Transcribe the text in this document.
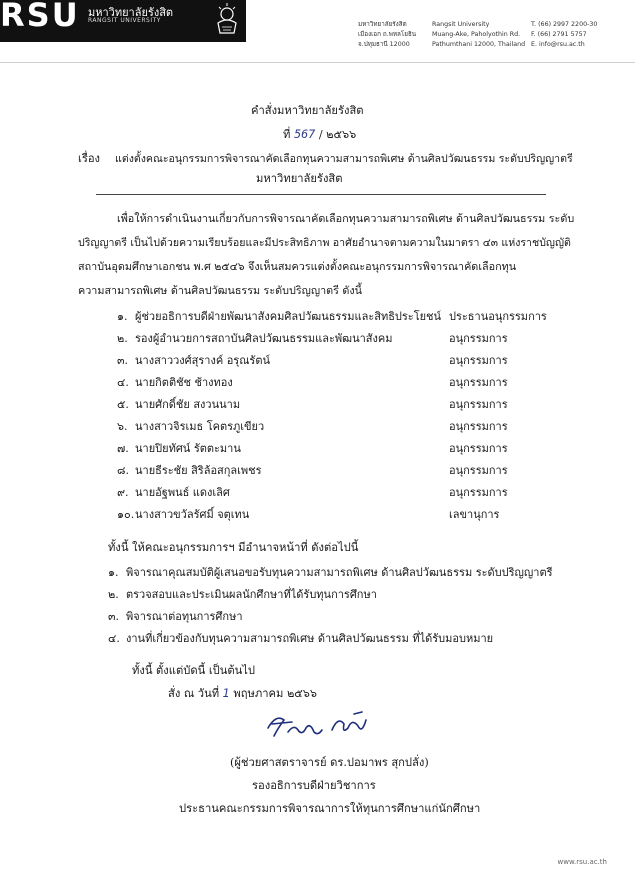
RSU มหาวิทยาลัยรังสิต
RANGSIT UNIVERSITY
มหาวิทยาลัยรังสิต
เมืองเอก ถ.พหลโยธิน
จ.ปทุมธานี 12000
Rangsit University
Muang-Ake, Paholyothin Rd.
Pathumthani 12000, Thailand
T. (66) 2997 2200-30
F. (66) 2791 5757
E. info@rsu.ac.th
คำสั่งมหาวิทยาลัยรังสิต
ที่ 567 / ๒๕๖๖
เรื่อง แต่งตั้งคณะอนุกรรมการพิจารณาคัดเลือกทุนความสามารถพิเศษ ด้านศิลปวัฒนธรรม ระดับปริญญาตรี
มหาวิทยาลัยรังสิต
เพื่อให้การดำเนินงานเกี่ยวกับการพิจารณาคัดเลือกทุนความสามารถพิเศษ ด้านศิลปวัฒนธรรม ระดับ
ปริญญาตรี เป็นไปด้วยความเรียบร้อยและมีประสิทธิภาพ อาศัยอำนาจตามความในมาตรา ๔๓ แห่งราชบัญญัติ
สถาบันอุดมศึกษาเอกชน พ.ศ ๒๕๔๖ จึงเห็นสมควรแต่งตั้งคณะอนุกรรมการพิจารณาคัดเลือกทุน
ความสามารถพิเศษ ด้านศิลปวัฒนธรรม ระดับปริญญาตรี ดังนี้
๑. ผู้ช่วยอธิการบดีฝ่ายพัฒนาสังคมศิลปวัฒนธรรมและสิทธิประโยชน์ ประธานอนุกรรมการ
๒. รองผู้อำนวยการสถาบันศิลปวัฒนธรรมและพัฒนาสังคม	อนุกรรมการ
๓. นางสาววงศ์สุรางค์ อรุณรัตน์	อนุกรรมการ
๔. นายกิตติชัช ช้างทอง	อนุกรรมการ
๕. นายศักดิ์ชัย สงวนนาม	อนุกรรมการ
๖. นางสาวจิรเมธ โคตรภูเขียว	อนุกรรมการ
๗. นายปิยทัศน์ รัตตะมาน	อนุกรรมการ
๘. นายธีระชัย สิริล้อสกุลเพชร	อนุกรรมการ
๙. นายอัฐพนธ์ แดงเลิศ	อนุกรรมการ
๑๐. นางสาวขวัลรัศมิ์ จตุเทน	เลขานุการ
ทั้งนี้ ให้คณะอนุกรรมการฯ มีอำนาจหน้าที่ ดังต่อไปนี้
๑. พิจารณาคุณสมบัติผู้เสนอขอรับทุนความสามารถพิเศษ ด้านศิลปวัฒนธรรม ระดับปริญญาตรี
๒. ตรวจสอบและประเมินผลนักศึกษาที่ได้รับทุนการศึกษา
๓. พิจารณาต่อทุนการศึกษา
๔. งานที่เกี่ยวข้องกับทุนความสามารถพิเศษ ด้านศิลปวัฒนธรรม ที่ได้รับมอบหมาย
ทั้งนี้ ตั้งแต่บัดนี้ เป็นต้นไป
สั่ง ณ วันที่ 1 พฤษภาคม ๒๕๖๖
(ผู้ช่วยศาสตราจารย์ ดร.ปอมาพร สุกปลั่ง)
รองอธิการบดีฝ่ายวิชาการ
ประธานคณะกรรมการพิจารณาการให้ทุนการศึกษาแก่นักศึกษา
www.rsu.ac.th
